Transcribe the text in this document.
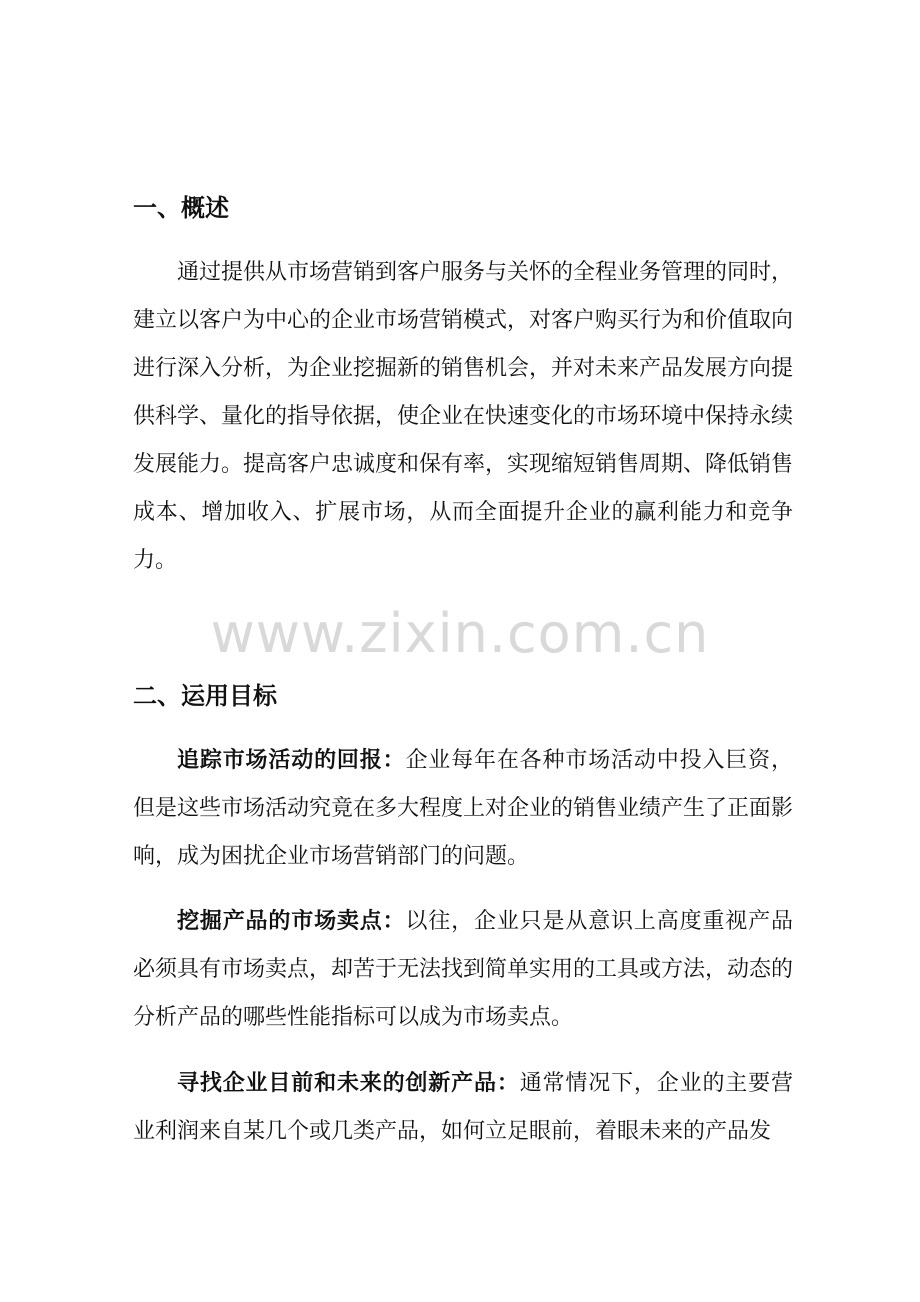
一、概述

通过提供从市场营销到客户服务与关怀的全程业务管理的同时，建立以客户为中心的企业市场营销模式，对客户购买行为和价值取向进行深入分析，为企业挖掘新的销售机会，并对未来产品发展方向提供科学、量化的指导依据，使企业在快速变化的市场环境中保持永续发展能力。提高客户忠诚度和保有率，实现缩短销售周期、降低销售成本、增加收入、扩展市场，从而全面提升企业的赢利能力和竞争力。

www.zixin.com.cn
二、运用目标

追踪市场活动的回报：企业每年在各种市场活动中投入巨资，但是这些市场活动究竟在多大程度上对企业的销售业绩产生了正面影响，成为困扰企业市场营销部门的问题。

挖掘产品的市场卖点：以往，企业只是从意识上高度重视产品必须具有市场卖点，却苦于无法找到简单实用的工具或方法，动态的分析产品的哪些性能指标可以成为市场卖点。

寻找企业目前和未来的创新产品：通常情况下，企业的主要营业利润来自某几个或几类产品，如何立足眼前，着眼未来的产品发
